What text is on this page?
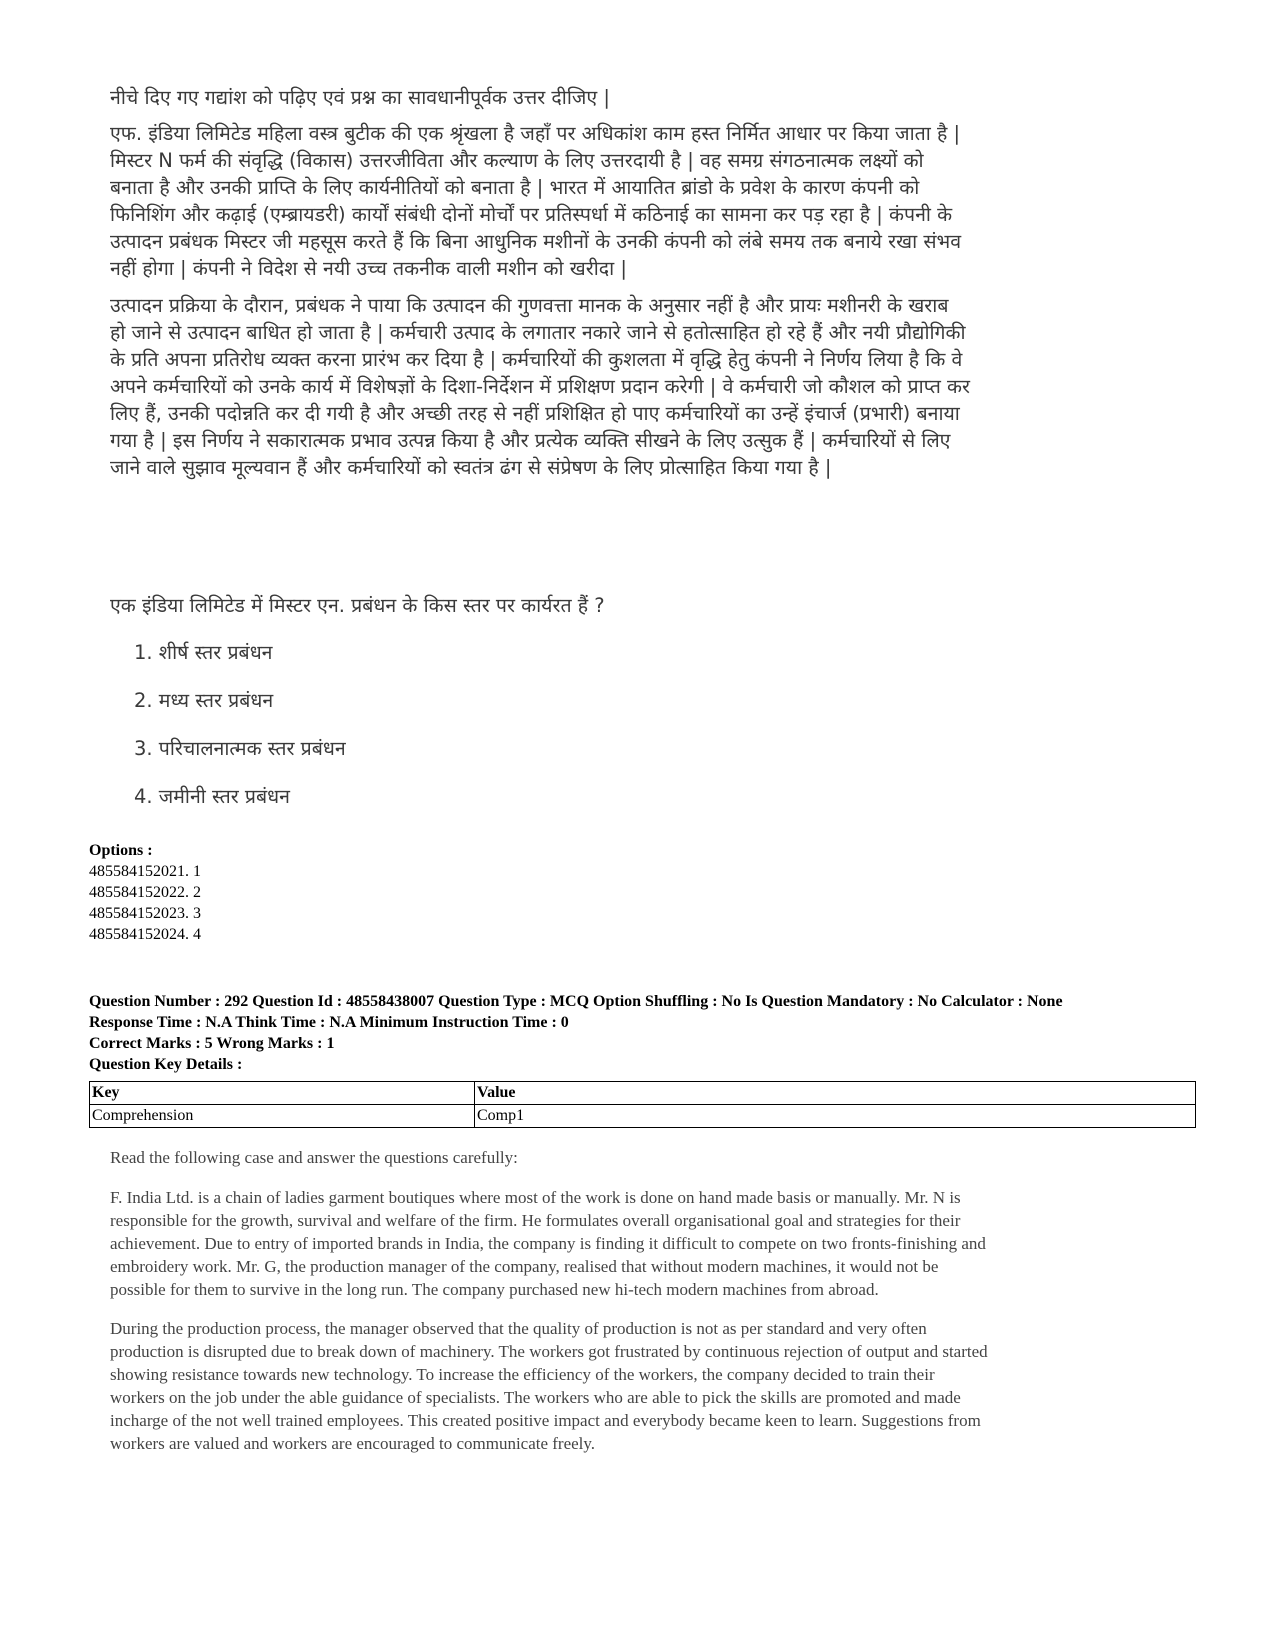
नीचे दिए गए गद्यांश को पढ़िए एवं प्रश्न का सावधानीपूर्वक उत्तर दीजिए |

एफ. इंडिया लिमिटेड महिला वस्त्र बुटीक की एक श्रृंखला है जहाँ पर अधिकांश काम हस्त निर्मित आधार पर किया जाता है | मिस्टर N फर्म की संवृद्धि (विकास) उत्तरजीविता और कल्याण के लिए उत्तरदायी है | वह समग्र संगठनात्मक लक्ष्यों को बनाता है और उनकी प्राप्ति के लिए कार्यनीतियों को बनाता है | भारत में आयातित ब्रांडो के प्रवेश के कारण कंपनी को फिनिशिंग और कढ़ाई (एम्ब्रायडरी) कार्यों संबंधी दोनों मोर्चों पर प्रतिस्पर्धा में कठिनाई का सामना कर पड़ रहा है | कंपनी के उत्पादन प्रबंधक मिस्टर जी महसूस करते हैं कि बिना आधुनिक मशीनों के उनकी कंपनी को लंबे समय तक बनाये रखा संभव नहीं होगा | कंपनी ने विदेश से नयी उच्च तकनीक वाली मशीन को खरीदा |

उत्पादन प्रक्रिया के दौरान, प्रबंधक ने पाया कि उत्पादन की गुणवत्ता मानक के अनुसार नहीं है और प्रायः मशीनरी के खराब हो जाने से उत्पादन बाधित हो जाता है | कर्मचारी उत्पाद के लगातार नकारे जाने से हतोत्साहित हो रहे हैं और नयी प्रौद्योगिकी के प्रति अपना प्रतिरोध व्यक्त करना प्रारंभ कर दिया है | कर्मचारियों की कुशलता में वृद्धि हेतु कंपनी ने निर्णय लिया है कि वे अपने कर्मचारियों को उनके कार्य में विशेषज्ञों के दिशा-निर्देशन में प्रशिक्षण प्रदान करेगी | वे कर्मचारी जो कौशल को प्राप्त कर लिए हैं, उनकी पदोन्नति कर दी गयी है और अच्छी तरह से नहीं प्रशिक्षित हो पाए कर्मचारियों का उन्हें इंचार्ज (प्रभारी) बनाया गया है | इस निर्णय ने सकारात्मक प्रभाव उत्पन्न किया है और प्रत्येक व्यक्ति सीखने के लिए उत्सुक हैं | कर्मचारियों से लिए जाने वाले सुझाव मूल्यवान हैं और कर्मचारियों को स्वतंत्र ढंग से संप्रेषण के लिए प्रोत्साहित किया गया है |

एक इंडिया लिमिटेड में मिस्टर एन. प्रबंधन के किस स्तर पर कार्यरत हैं ?

1. शीर्ष स्तर प्रबंधन
2. मध्य स्तर प्रबंधन
3. परिचालनात्मक स्तर प्रबंधन
4. जमीनी स्तर प्रबंधन
Options :
485584152021. 1
485584152022. 2
485584152023. 3
485584152024. 4
Question Number : 292 Question Id : 48558438007 Question Type : MCQ Option Shuffling : No Is Question Mandatory : No Calculator : None
Response Time : N.A Think Time : N.A Minimum Instruction Time : 0
Correct Marks : 5 Wrong Marks : 1
Question Key Details :
Key	Value
Comprehension	Comp1

Read the following case and answer the questions carefully:

F. India Ltd. is a chain of ladies garment boutiques where most of the work is done on hand made basis or manually. Mr. N is responsible for the growth, survival and welfare of the firm. He formulates overall organisational goal and strategies for their achievement. Due to entry of imported brands in India, the company is finding it difficult to compete on two fronts-finishing and embroidery work. Mr. G, the production manager of the company, realised that without modern machines, it would not be possible for them to survive in the long run. The company purchased new hi-tech modern machines from abroad.

During the production process, the manager observed that the quality of production is not as per standard and very often production is disrupted due to break down of machinery. The workers got frustrated by continuous rejection of output and started showing resistance towards new technology. To increase the efficiency of the workers, the company decided to train their workers on the job under the able guidance of specialists. The workers who are able to pick the skills are promoted and made incharge of the not well trained employees. This created positive impact and everybody became keen to learn. Suggestions from workers are valued and workers are encouraged to communicate freely.
